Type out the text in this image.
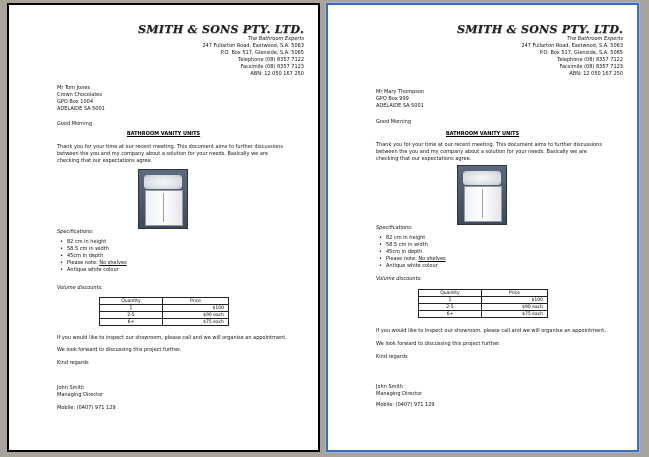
SMITH & SONS PTY. LTD.
The Bathroom Experts
247 Fullarton Road, Eastwood, S.A. 5063
P.O. Box 517, Glenside, S.A. 5065
Telephone (08) 8357 7122
Facsimile (08) 8357 7123
ABN: 12 050 167 250
Mr Tom Jones
Crown Chocolates
GPO Box 1004
ADELAIDE SA 5001
Good Morning
BATHROOM VANITY UNITS
Thank you for your time at our recent meeting. This document aims to further discussions between the you and my company about a solution for your needs. Basically we are checking that our expectations agree.
Specifications:
• 82 cm in height
• 58.5 cm in width
• 45cm in depth
• Please note: No shelves
• Antique white colour
Volume discounts:
Quantity	Price
1	$100
2-5	$90 each
6+	$75 each
If you would like to inspect our showroom, please call and we will organise an appointment.
We look forward to discussing this project further.
Kind regards
John Smith
Managing Director
Mobile: (0407) 971 129
SMITH & SONS PTY. LTD.
The Bathroom Experts
247 Fullarton Road, Eastwood, S.A. 5063
P.O. Box 517, Glenside, S.A. 5065
Telephone (08) 8357 7122
Facsimile (08) 8357 7123
ABN: 12 050 167 250
Mr Mary Thompson
GPO Box 999
ADELAIDE SA 5001
Good Morning
BATHROOM VANITY UNITS
Thank you for your time at our recent meeting. This document aims to further discussions between the you and my company about a solution for your needs. Basically we are checking that our expectations agree.
Specifications:
• 82 cm in height
• 58.5 cm in width
• 45cm in depth
• Please note: No shelves
• Antique white colour
Volume discounts:
Quantity	Price
1	$100
2-5	$90 each
6+	$75 each
If you would like to inspect our showroom, please call and we will organise an appointment.
We look forward to discussing this project further.
Kind regards
John Smith
Managing Director
Mobile: (0407) 971 129
